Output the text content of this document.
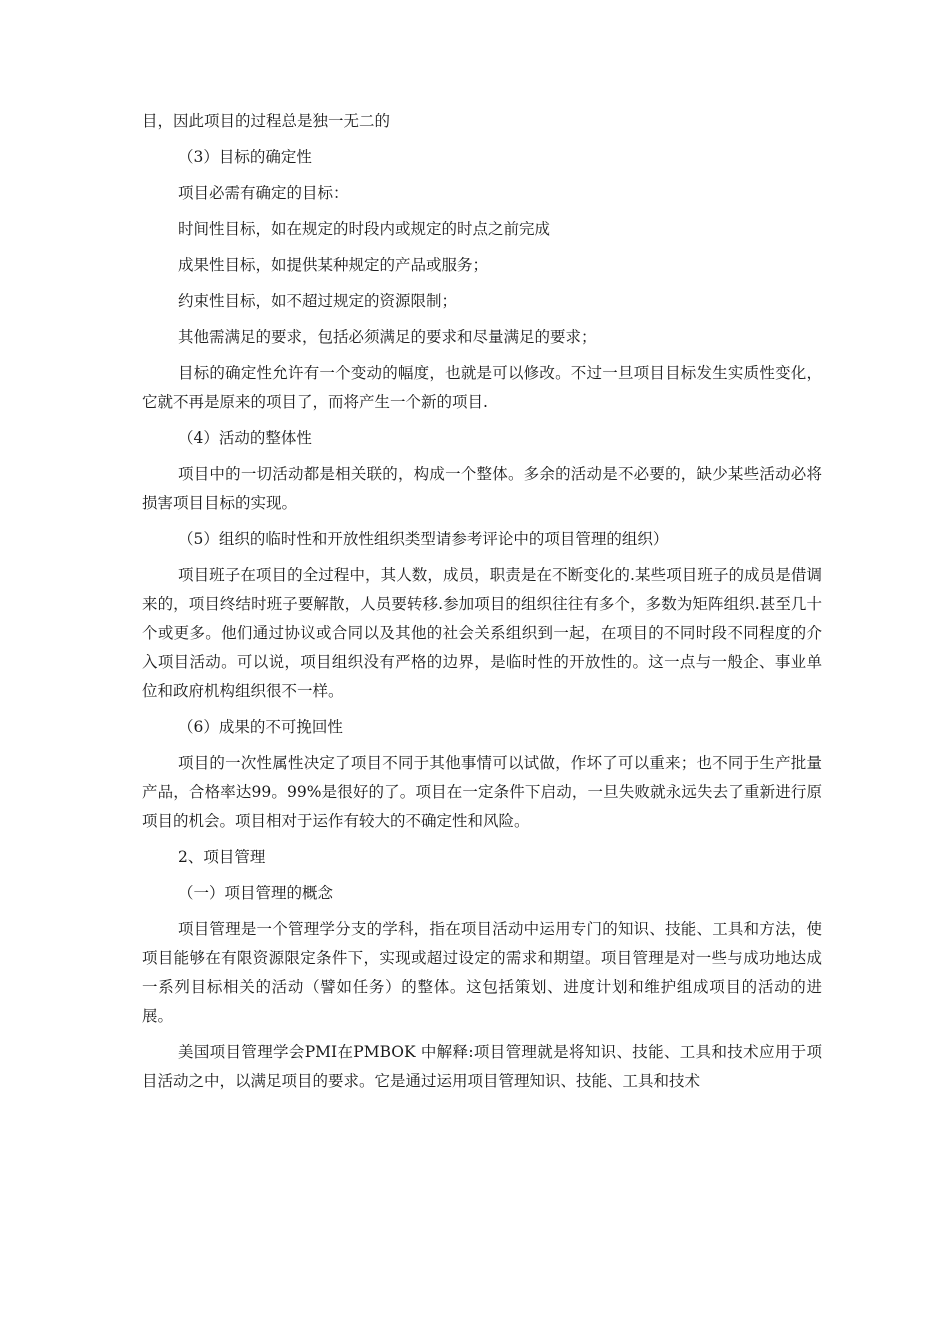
目，因此项目的过程总是独一无二的

（3）目标的确定性

项目必需有确定的目标：

时间性目标，如在规定的时段内或规定的时点之前完成

成果性目标，如提供某种规定的产品或服务；

约束性目标，如不超过规定的资源限制；

其他需满足的要求，包括必须满足的要求和尽量满足的要求；

目标的确定性允许有一个变动的幅度，也就是可以修改。不过一旦项目目标发生实质性变化，它就不再是原来的项目了，而将产生一个新的项目.

（4）活动的整体性

项目中的一切活动都是相关联的，构成一个整体。多余的活动是不必要的，缺少某些活动必将损害项目目标的实现。

（5）组织的临时性和开放性组织类型请参考评论中的项目管理的组织）

项目班子在项目的全过程中，其人数，成员，职责是在不断变化的.某些项目班子的成员是借调来的，项目终结时班子要解散，人员要转移.参加项目的组织往往有多个，多数为矩阵组织.甚至几十个或更多。他们通过协议或合同以及其他的社会关系组织到一起，在项目的不同时段不同程度的介入项目活动。可以说，项目组织没有严格的边界，是临时性的开放性的。这一点与一般企、事业单位和政府机构组织很不一样。

（6）成果的不可挽回性

项目的一次性属性决定了项目不同于其他事情可以试做，作坏了可以重来；也不同于生产批量产品，合格率达99。99%是很好的了。项目在一定条件下启动，一旦失败就永远失去了重新进行原项目的机会。项目相对于运作有较大的不确定性和风险。

2、项目管理

（一）项目管理的概念

项目管理是一个管理学分支的学科，指在项目活动中运用专门的知识、技能、工具和方法，使项目能够在有限资源限定条件下，实现或超过设定的需求和期望。项目管理是对一些与成功地达成一系列目标相关的活动（譬如任务）的整体。这包括策划、进度计划和维护组成项目的活动的进展。

美国项目管理学会PMI在PMBOK 中解释:项目管理就是将知识、技能、工具和技术应用于项目活动之中，以满足项目的要求。它是通过运用项目管理知识、技能、工具和技术
